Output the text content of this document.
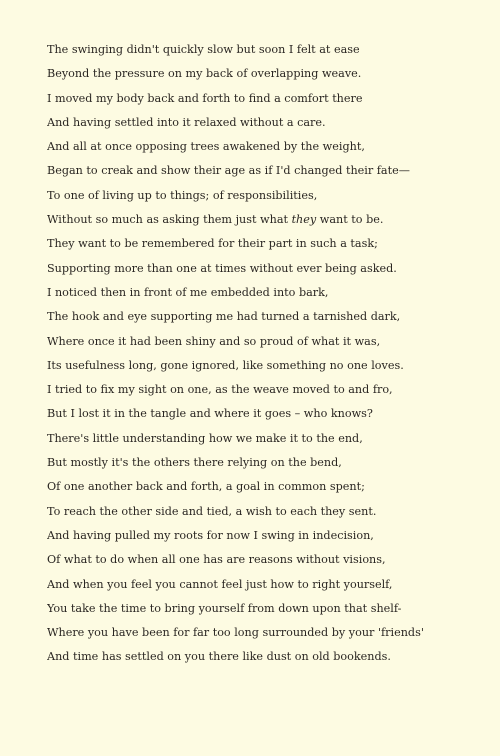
The swinging didn't quickly slow but soon I felt at ease
Beyond the pressure on my back of overlapping weave.
I moved my body back and forth to find a comfort there
And having settled into it relaxed without a care.
And all at once opposing trees awakened by the weight,
Began to creak and show their age as if I'd changed their fate—
To one of living up to things; of responsibilities,
Without so much as asking them just what they want to be.
They want to be remembered for their part in such a task;
Supporting more than one at times without ever being asked.
I noticed then in front of me embedded into bark,
The hook and eye supporting me had turned a tarnished dark,
Where once it had been shiny and so proud of what it was,
Its usefulness long, gone ignored, like something no one loves.
I tried to fix my sight on one, as the weave moved to and fro,
But I lost it in the tangle and where it goes – who knows?
There's little understanding how we make it to the end,
But mostly it's the others there relying on the bend,
Of one another back and forth, a goal in common spent;
To reach the other side and tied, a wish to each they sent.
And having pulled my roots for now I swing in indecision,
Of what to do when all one has are reasons without visions,
And when you feel you cannot feel just how to right yourself,
You take the time to bring yourself from down upon that shelf-
Where you have been for far too long surrounded by your 'friends'
And time has settled on you there like dust on old bookends.
